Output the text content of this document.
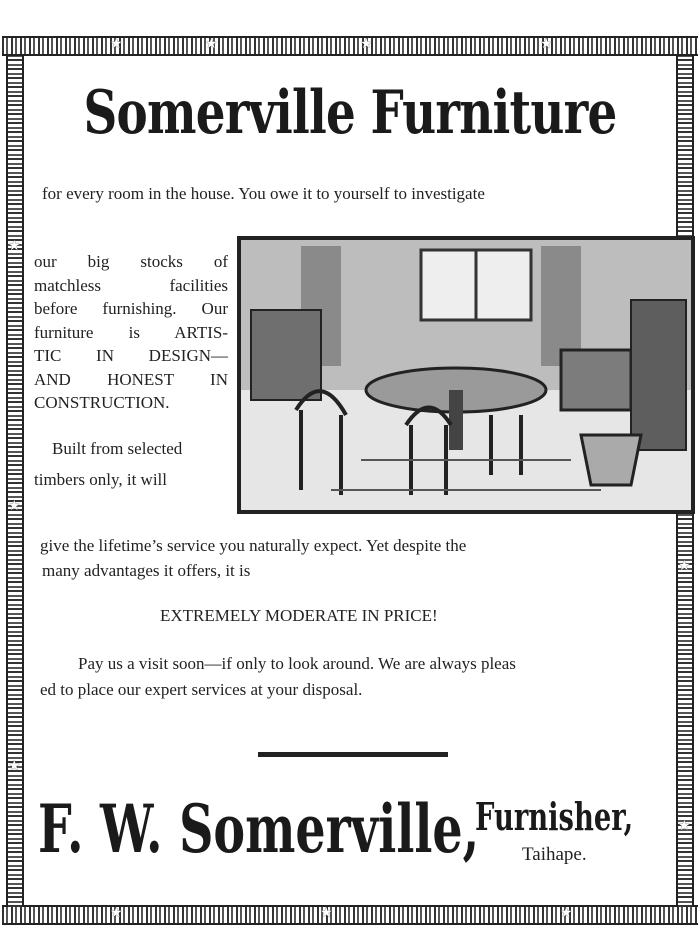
★	★	★	★
★	★	★
★
★
★
★
★
Somerville Furniture
for every room in the house. You owe it to yourself to investigate
our big stocks of
matchless facilities
before furnishing. Our
furniture is ARTIS-
TIC IN DESIGN—
AND HONEST IN
CONSTRUCTION.
Built from selected
timbers only, it will
give the lifetime’s service you naturally expect. Yet despite the
many advantages it offers, it is
EXTREMELY MODERATE IN PRICE!
Pay us a visit soon—if only to look around. We are always pleas
ed to place our expert services at your disposal.
F. W. Somerville,
Furnisher,
Taihape.
